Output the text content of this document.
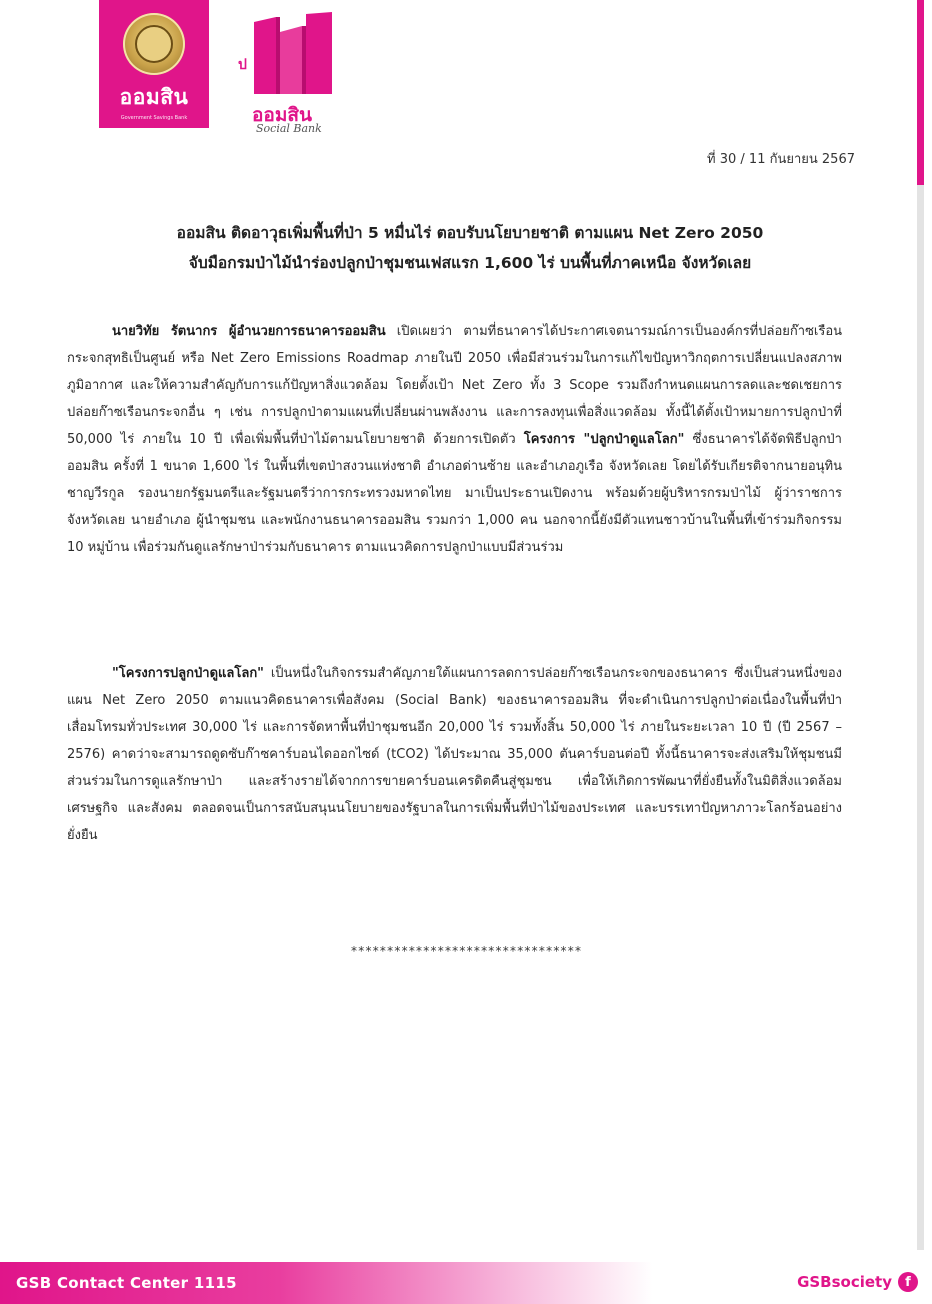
ออมสิน
Government Savings Bank
ป
ออมสิน
Social Bank
ที่ 30 / 11 กันยายน 2567
ออมสิน ติดอาวุธเพิ่มพื้นที่ป่า 5 หมื่นไร่ ตอบรับนโยบายชาติ ตามแผน Net Zero 2050
จับมือกรมป่าไม้นำร่องปลูกป่าชุมชนเฟสแรก 1,600 ไร่ บนพื้นที่ภาคเหนือ จังหวัดเลย
นายวิทัย รัตนากร ผู้อำนวยการธนาคารออมสิน เปิดเผยว่า ตามที่ธนาคารได้ประกาศเจตนารมณ์การเป็นองค์กรที่ปล่อยก๊าซเรือนกระจกสุทธิเป็นศูนย์ หรือ Net Zero Emissions Roadmap ภายในปี 2050 เพื่อมีส่วนร่วมในการแก้ไขปัญหาวิกฤตการเปลี่ยนแปลงสภาพภูมิอากาศ และให้ความสำคัญกับการแก้ปัญหาสิ่งแวดล้อม โดยตั้งเป้า Net Zero ทั้ง 3 Scope รวมถึงกำหนดแผนการลดและชดเชยการปล่อยก๊าซเรือนกระจกอื่น ๆ เช่น การปลูกป่าตามแผนที่เปลี่ยนผ่านพลังงาน และการลงทุนเพื่อสิ่งแวดล้อม ทั้งนี้ได้ตั้งเป้าหมายการปลูกป่าที่ 50,000 ไร่ ภายใน 10 ปี เพื่อเพิ่มพื้นที่ป่าไม้ตามนโยบายชาติ ด้วยการเปิดตัว โครงการ "ปลูกป่าดูแลโลก" ซึ่งธนาคารได้จัดพิธีปลูกป่าออมสิน ครั้งที่ 1 ขนาด 1,600 ไร่ ในพื้นที่เขตป่าสงวนแห่งชาติ อำเภอด่านซ้าย และอำเภอภูเรือ จังหวัดเลย โดยได้รับเกียรติจากนายอนุทิน ชาญวีรกูล รองนายกรัฐมนตรีและรัฐมนตรีว่าการกระทรวงมหาดไทย มาเป็นประธานเปิดงาน พร้อมด้วยผู้บริหารกรมป่าไม้ ผู้ว่าราชการจังหวัดเลย นายอำเภอ ผู้นำชุมชน และพนักงานธนาคารออมสิน รวมกว่า 1,000 คน นอกจากนี้ยังมีตัวแทนชาวบ้านในพื้นที่เข้าร่วมกิจกรรม 10 หมู่บ้าน เพื่อร่วมกันดูแลรักษาป่าร่วมกับธนาคาร ตามแนวคิดการปลูกป่าแบบมีส่วนร่วม
"โครงการปลูกป่าดูแลโลก" เป็นหนึ่งในกิจกรรมสำคัญภายใต้แผนการลดการปล่อยก๊าซเรือนกระจกของธนาคาร ซึ่งเป็นส่วนหนึ่งของแผน Net Zero 2050 ตามแนวคิดธนาคารเพื่อสังคม (Social Bank) ของธนาคารออมสิน ที่จะดำเนินการปลูกป่าต่อเนื่องในพื้นที่ป่าเสื่อมโทรมทั่วประเทศ 30,000 ไร่ และการจัดหาพื้นที่ป่าชุมชนอีก 20,000 ไร่ รวมทั้งสิ้น 50,000 ไร่ ภายในระยะเวลา 10 ปี (ปี 2567 – 2576) คาดว่าจะสามารถดูดซับก๊าซคาร์บอนไดออกไซด์ (tCO2) ได้ประมาณ 35,000 ตันคาร์บอนต่อปี ทั้งนี้ธนาคารจะส่งเสริมให้ชุมชนมีส่วนร่วมในการดูแลรักษาป่า และสร้างรายได้จากการขายคาร์บอนเครดิตคืนสู่ชุมชน เพื่อให้เกิดการพัฒนาที่ยั่งยืนทั้งในมิติสิ่งแวดล้อม เศรษฐกิจ และสังคม ตลอดจนเป็นการสนับสนุนนโยบายของรัฐบาลในการเพิ่มพื้นที่ป่าไม้ของประเทศ และบรรเทาปัญหาภาวะโลกร้อนอย่างยั่งยืน
********************************
GSB Contact Center 1115	GSBsociety	f
